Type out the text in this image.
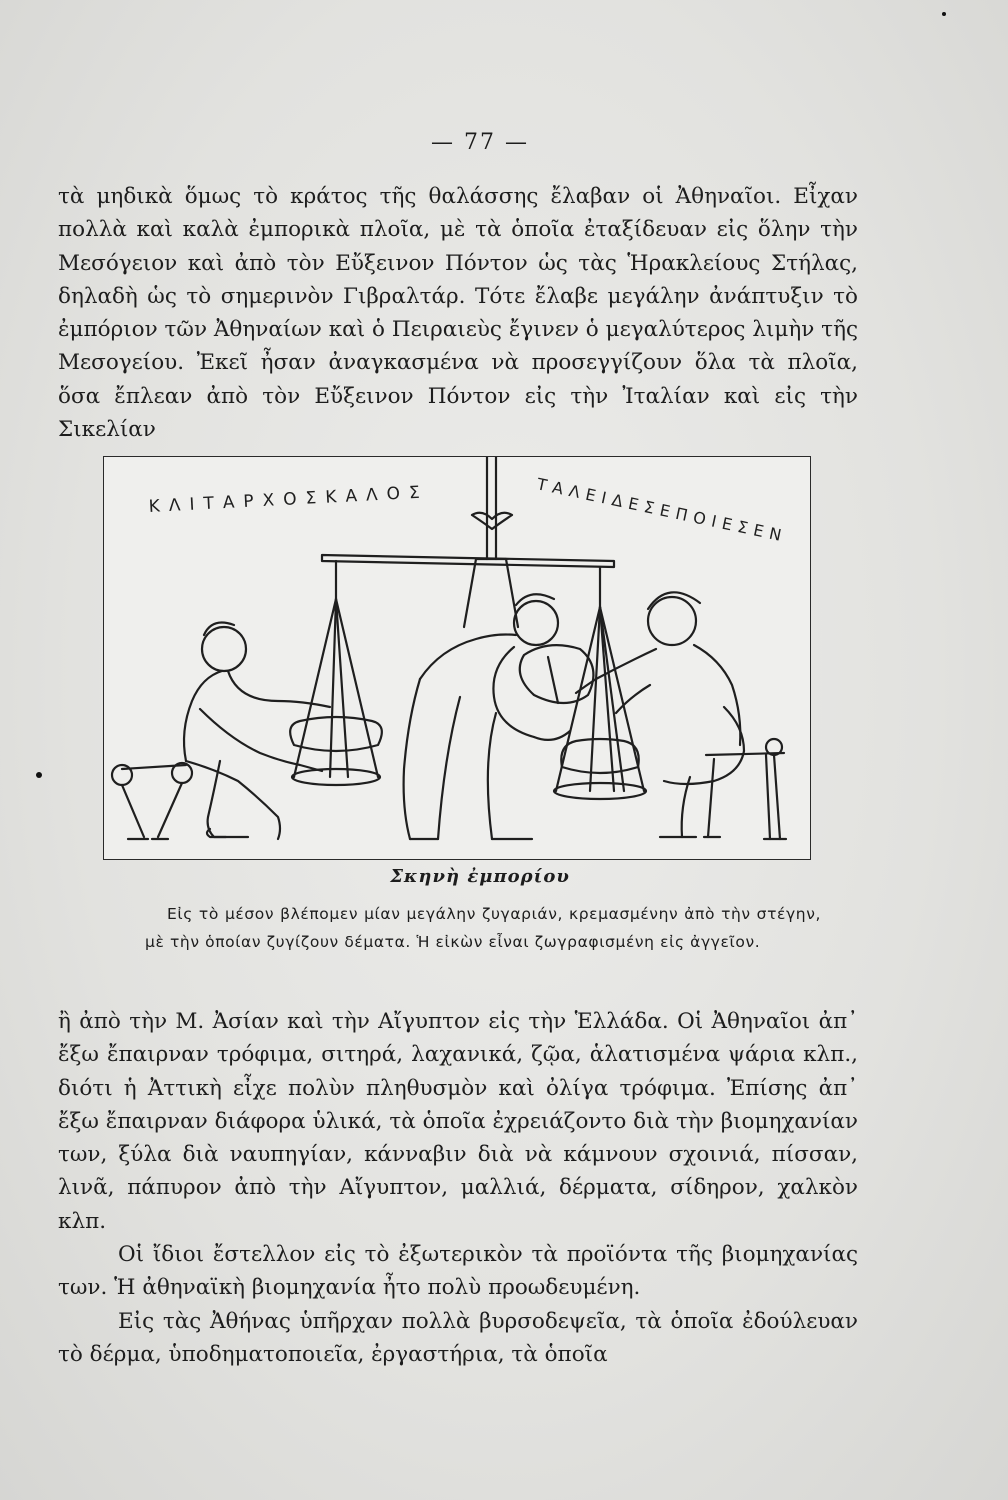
— 77 —

τὰ μηδικὰ ὅμως τὸ κράτος τῆς θαλάσσης ἔλαβαν οἱ Ἀθηναῖοι. Εἶχαν πολλὰ καὶ καλὰ ἐμπορικὰ πλοῖα, μὲ τὰ ὁποῖα ἐταξίδευαν εἰς ὅλην τὴν Μεσόγειον καὶ ἀπὸ τὸν Εὔξεινον Πόντον ὡς τὰς Ἡρακλείους Στήλας, δηλαδὴ ὡς τὸ σημερινὸν Γιβραλτάρ. Τότε ἔλαβε μεγάλην ἀνάπτυξιν τὸ ἐμπόριον τῶν Ἀθηναίων καὶ ὁ Πειραιεὺς ἔγινεν ὁ μεγαλύτερος λιμὴν τῆς Μεσογείου. Ἐκεῖ ἦσαν ἀναγκασμένα νὰ προσεγγίζουν ὅλα τὰ πλοῖα, ὅσα ἔπλεαν ἀπὸ τὸν Εὔξεινον Πόντον εἰς τὴν Ἰταλίαν καὶ εἰς τὴν Σικελίαν

ΚΛΙΤΑΡΧΟΣΚΑΛΟΣ	ΤΑΛΕΙΔΕΣΕΠΟΙΕΣΕΝ
Σκηνὴ ἐμπορίου

Εἰς τὸ μέσον βλέπομεν μίαν μεγάλην ζυγαριάν, κρεμασμένην ἀπὸ τὴν στέγην, μὲ τὴν ὁποίαν ζυγίζουν δέματα. Ἡ εἰκὼν εἶναι ζωγραφισμένη εἰς ἀγγεῖον.

ἢ ἀπὸ τὴν Μ. Ἀσίαν καὶ τὴν Αἴγυπτον εἰς τὴν Ἑλλάδα. Οἱ Ἀθηναῖοι ἀπ᾽ ἔξω ἔπαιρναν τρόφιμα, σιτηρά, λαχανικά, ζῷα, ἁλατισμένα ψάρια κλπ., διότι ἡ Ἀττικὴ εἶχε πολὺν πληθυσμὸν καὶ ὀλίγα τρόφιμα. Ἐπίσης ἀπ᾽ ἔξω ἔπαιρναν διάφορα ὑλικά, τὰ ὁποῖα ἐχρειάζοντο διὰ τὴν βιομηχανίαν των, ξύλα διὰ ναυπηγίαν, κάνναβιν διὰ νὰ κάμνουν σχοινιά, πίσσαν, λινᾶ, πάπυρον ἀπὸ τὴν Αἴγυπτον, μαλλιά, δέρματα, σίδηρον, χαλκὸν κλπ.

Οἱ ἴδιοι ἔστελλον εἰς τὸ ἐξωτερικὸν τὰ προϊόντα τῆς βιομηχανίας των. Ἡ ἀθηναϊκὴ βιομηχανία ἦτο πολὺ προωδευμένη.

Εἰς τὰς Ἀθήνας ὑπῆρχαν πολλὰ βυρσοδεψεῖα, τὰ ὁποῖα ἐδούλευαν τὸ δέρμα, ὑποδηματοποιεῖα, ἐργαστήρια, τὰ ὁποῖα
